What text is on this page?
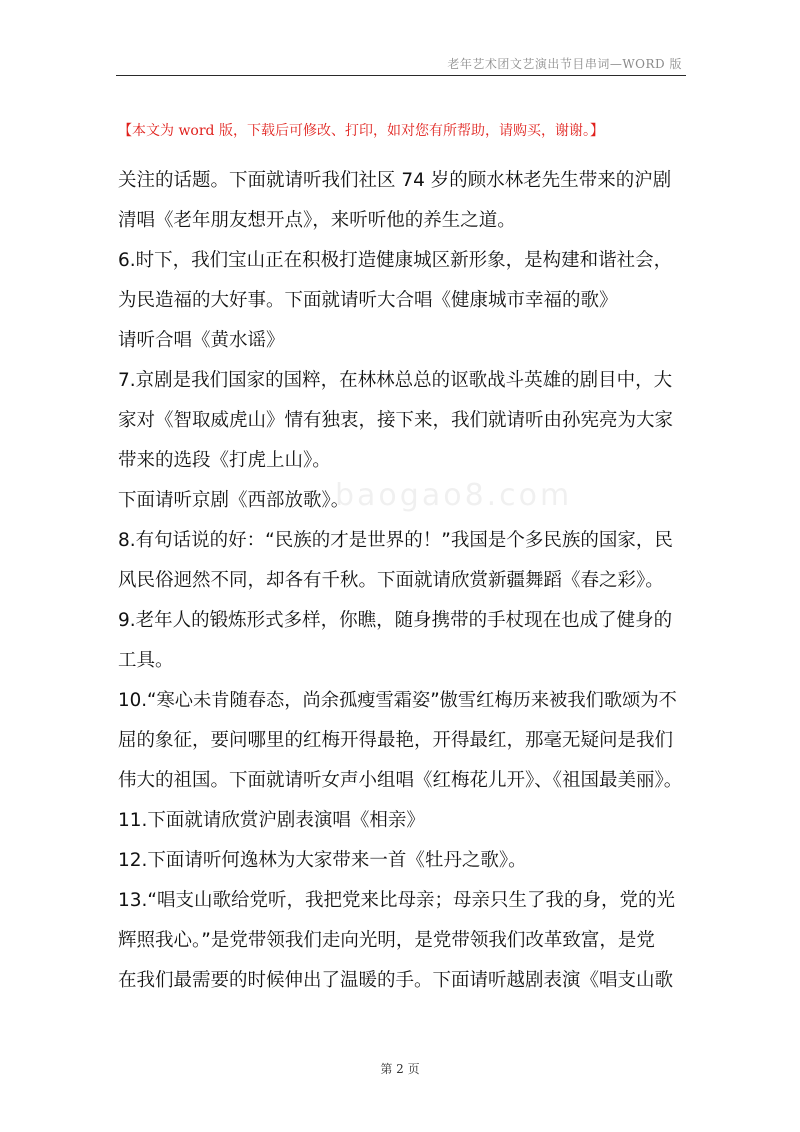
老年艺术团文艺演出节目串词—WORD 版
【本文为 word 版，下载后可修改、打印，如对您有所帮助，请购买，谢谢。】
baogao8.com
关注的话题。下面就请听我们社区 74 岁的顾水林老先生带来的沪剧
清唱《老年朋友想开点》，来听听他的养生之道。
6.时下，我们宝山正在积极打造健康城区新形象，是构建和谐社会，
为民造福的大好事。下面就请听大合唱《健康城市幸福的歌》
请听合唱《黄水谣》
7.京剧是我们国家的国粹，在林林总总的讴歌战斗英雄的剧目中，大
家对《智取威虎山》情有独衷，接下来，我们就请听由孙宪亮为大家
带来的选段《打虎上山》。
下面请听京剧《西部放歌》。
8.有句话说的好：“民族的才是世界的！”我国是个多民族的国家，民
风民俗迥然不同，却各有千秋。下面就请欣赏新疆舞蹈《春之彩》。
9.老年人的锻炼形式多样，你瞧，随身携带的手杖现在也成了健身的
工具。
10.“寒心未肯随春态，尚余孤瘦雪霜姿”傲雪红梅历来被我们歌颂为不
屈的象征，要问哪里的红梅开得最艳，开得最红，那毫无疑问是我们
伟大的祖国。下面就请听女声小组唱《红梅花儿开》、《祖国最美丽》。
11.下面就请欣赏沪剧表演唱《相亲》
12.下面请听何逸林为大家带来一首《牡丹之歌》。
13.“唱支山歌给党听，我把党来比母亲；母亲只生了我的身，党的光
辉照我心。”是党带领我们走向光明，是党带领我们改革致富，是党
在我们最需要的时候伸出了温暖的手。下面请听越剧表演《唱支山歌
第 2 页
